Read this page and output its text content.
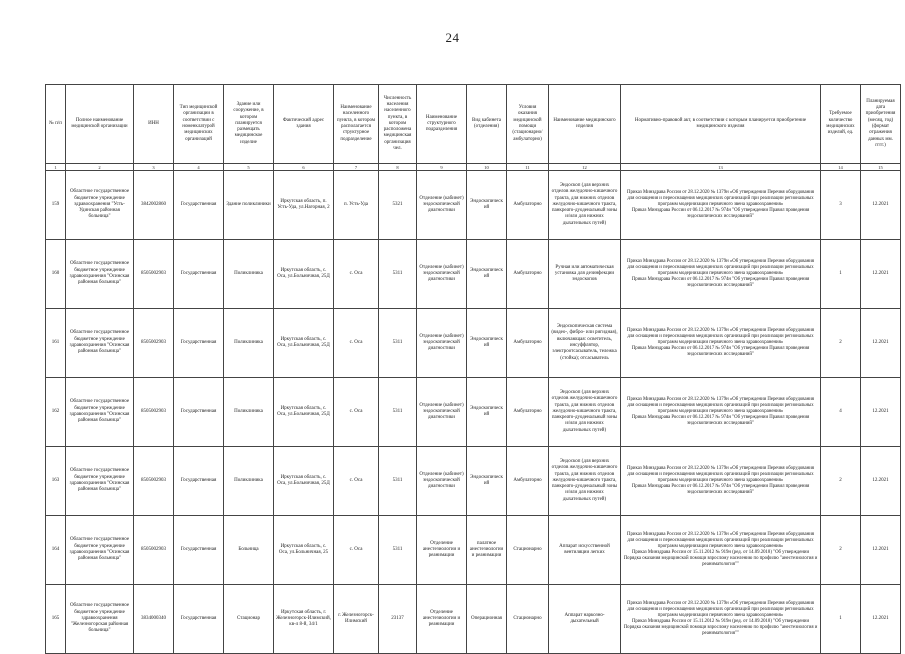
24
№ п/п	Полное наименование медицинской организации	ИНН	Тип медицинской организации в соответствии с номенклатурой медицинских организаций	Здание или сооружение, в котором планируется размещать медицинское изделие	Фактический адрес здания	Наименование населенного пункта, в котором располагается структурное подразделение	Численность населения населенного пункта, в котором расположена медицинская организация чел.	Наименование структурного подразделения	Вид кабинета (отделения)	Условия оказания медицинской помощи (стационарно/амбулаторно)	Наименование медицинского изделия	Нормативно-правовой акт, в соответствии с которым планируется приобретение медицинского изделия	Требуемое количество медицинских изделий, ед.	Планируемая дата приобретения (месяц, год) (формат отражения данных мм. гггг.)
1	2	3	4	5	6	7	8	9	10	11	12	13	14	15
159	Областное государственное бюджетное учреждение здравоохранения "Усть-Удинская районная больница"	3842002860	Государственная	Здание поликлиники	Иркутская область, п. Усть-Уда, ул.Нагорная, 2	п. Усть-Уда	5321	Отделение (кабинет) эндоскопической диагностики	Эндоскопический	Амбулаторно	Эндоскоп (для верхних отделов желудочно-кишечного тракта, для нижних отделов желудочно-кишечного тракта, панкреато-дуоденальный зоны и/или для нижних дыхательных путей)	Приказ Минздрава России от 28.12.2020 № 1379н «Об утверждении Перечня оборудования для оснащения и переоснащения медицинских организаций при реализации региональных программ модернизации первичного звена здравоохранения»
Приказ Минздрава России от 06.12.2017 № 974н "Об утверждении Правил проведения эндоскопических исследований"	3	12.2021
160	Областное государственное бюджетное учреждение здравоохранения "Осинская районная больница"	8505002903	Государственная	Поликлиника	Иркутская область, с. Оса, ул.Больничная, 25Д	с. Оса	5311	Отделение (кабинет) эндоскопической диагностики	Эндоскопический	Амбулаторно	Ручная или автоматическая установка для дезинфекции эндоскопов	Приказ Минздрава России от 28.12.2020 № 1379н «Об утверждении Перечня оборудования для оснащения и переоснащения медицинских организаций при реализации региональных программ модернизации первичного звена здравоохранения»
Приказ Минздрава России от 06.12.2017 № 974н "Об утверждении Правил проведения эндоскопических исследований"	1	12.2021
161	Областное государственное бюджетное учреждение здравоохранения "Осинская районная больница"	8505002903	Государственная	Поликлиника	Иркутская область, с. Оса, ул.Больничная, 25Д	с. Оса	5311	Отделение (кабинет) эндоскопической диагностики	Эндоскопический	Амбулаторно	Эндоскопическая система (видео-, фибро- или ригидная), включающая: осветитель, инсуффлятор, электроотсасыватель, тележка (стойка); отсасыватель	Приказ Минздрава России от 28.12.2020 № 1379н «Об утверждении Перечня оборудования для оснащения и переоснащения медицинских организаций при реализации региональных программ модернизации первичного звена здравоохранения»
Приказ Минздрава России от 06.12.2017 № 974н "Об утверждении Правил проведения эндоскопических исследований"	2	12.2021
162	Областное государственное бюджетное учреждение здравоохранения "Осинская районная больница"	8505002903	Государственная	Поликлиника	Иркутская область, с. Оса, ул.Больничная, 25Д	с. Оса	5311	Отделение (кабинет) эндоскопической диагностики	Эндоскопический	Амбулаторно	Эндоскоп (для верхних отделов желудочно-кишечного тракта, для нижних отделов желудочно-кишечного тракта, панкреато-дуоденальный зоны и/или для нижних дыхательных путей)	Приказ Минздрава России от 28.12.2020 № 1379н «Об утверждении Перечня оборудования для оснащения и переоснащения медицинских организаций при реализации региональных программ модернизации первичного звена здравоохранения»
Приказ Минздрава России от 06.12.2017 № 974н "Об утверждении Правил проведения эндоскопических исследований"	4	12.2021
163	Областное государственное бюджетное учреждение здравоохранения "Осинская районная больница"	8505002903	Государственная	Поликлиника	Иркутская область, с. Оса, ул.Больничная, 25Д	с. Оса	5311	Отделение (кабинет) эндоскопической диагностики	Эндоскопический	Амбулаторно	Эндоскоп (для верхних отделов желудочно-кишечного тракта, для нижних отделов желудочно-кишечного тракта, панкреато-дуоденальный зоны и/или для нижних дыхательных путей)	Приказ Минздрава России от 28.12.2020 № 1379н «Об утверждении Перечня оборудования для оснащения и переоснащения медицинских организаций при реализации региональных программ модернизации первичного звена здравоохранения»
Приказ Минздрава России от 06.12.2017 № 974н "Об утверждении Правил проведения эндоскопических исследований"	2	12.2021
164	Областное государственное бюджетное учреждение здравоохранения "Осинская районная больница"	8505002903	Государственная	Больница	Иркутская область, с. Оса, ул.Больничная, 25	с. Оса	5311	Отделение анестезиологии и реанимации	палатное анестезиологии и реанимации	Стационарно	Аппарат искусственной вентиляции легких	Приказ Минздрава России от 28.12.2020 № 1379н «Об утверждении Перечня оборудования для оснащения и переоснащения медицинских организаций при реализации региональных программ модернизации первичного звена здравоохранения»
Приказ Минздрава России от 15.11.2012 № 919н (ред. от 14.09.2018) "Об утверждении Порядка оказания медицинской помощи взрослому населению по профилю "анестезиология и реаниматология""	2	12.2021
165	Областное государственное бюджетное учреждение здравоохранения "Железногорская районная больница"	3834000340	Государственная	Стационар	Иркутская область, г. Железногорск-Илимский, кв-л 8-й, 34/1	г. Железногорск-Илимский	23137	Отделение анестезиологии и реанимации	Операционная	Стационарно	Аппарат наркозно-дыхательный	Приказ Минздрава России от 28.12.2020 № 1379н «Об утверждении Перечня оборудования для оснащения и переоснащения медицинских организаций при реализации региональных программ модернизации первичного звена здравоохранения»
Приказ Минздрава России от 15.11.2012 № 919н (ред. от 14.09.2018) "Об утверждении Порядка оказания медицинской помощи взрослому населению по профилю "анестезиология и реаниматология""	1	12.2021
